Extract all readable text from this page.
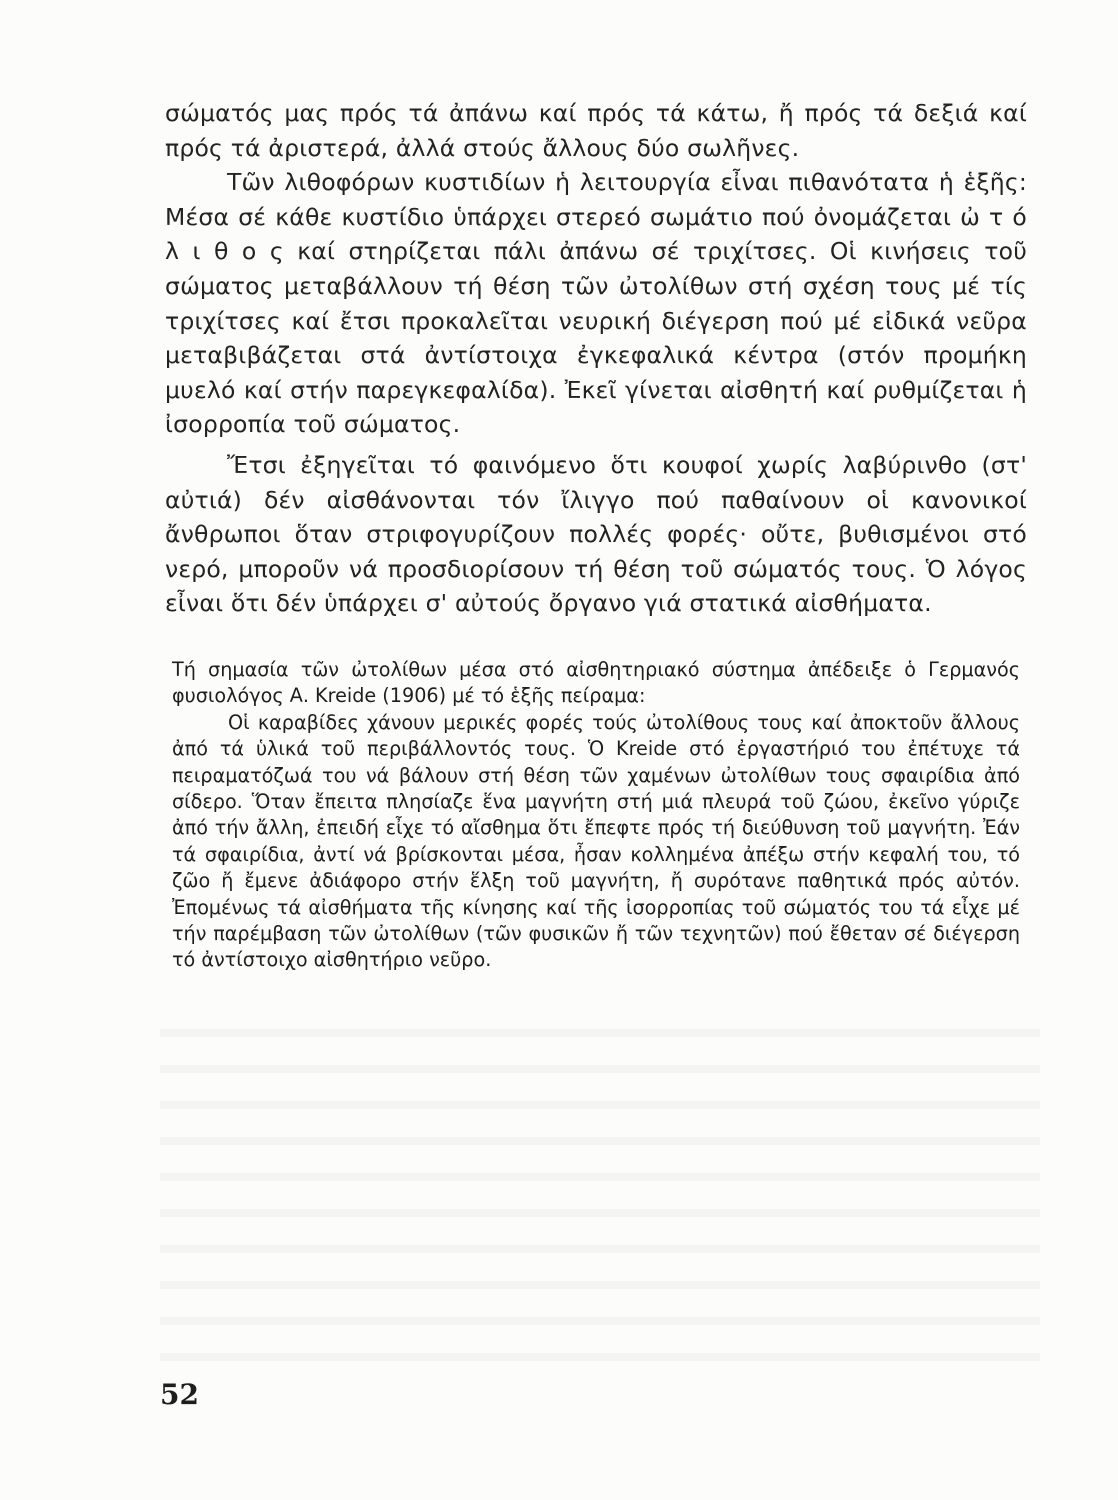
σώματός μας πρός τά ἀπάνω καί πρός τά κάτω, ἤ πρός τά δεξιά καί πρός τά ἀριστερά, ἀλλά στούς ἄλλους δύο σωλῆνες.

Τῶν λιθοφόρων κυστιδίων ἡ λειτουργία εἶναι πιθανότατα ἡ ἑξῆς: Μέσα σέ κάθε κυστίδιο ὑπάρχει στερεό σωμάτιο πού ὀνομάζεται ὠ τ ό λ ι θ ο ς καί στηρίζεται πάλι ἀπάνω σέ τριχίτσες. Οἱ κινήσεις τοῦ σώματος μεταβάλλουν τή θέση τῶν ὠτολίθων στή σχέση τους μέ τίς τριχίτσες καί ἔτσι προκαλεῖται νευρική διέγερση πού μέ εἰδικά νεῦρα μεταβιβάζεται στά ἀντίστοιχα ἐγκεφαλικά κέντρα (στόν προμήκη μυελό καί στήν παρεγκεφαλίδα). Ἐκεῖ γίνεται αἰσθητή καί ρυθμίζεται ἡ ἰσορροπία τοῦ σώματος.

Ἔτσι ἐξηγεῖται τό φαινόμενο ὅτι κουφοί χωρίς λαβύρινθο (στ' αὐτιά) δέν αἰσθάνονται τόν ἴλιγγο πού παθαίνουν οἱ κανονικοί ἄνθρωποι ὅταν στριφογυρίζουν πολλές φορές· οὔτε, βυθισμένοι στό νερό, μποροῦν νά προσδιορίσουν τή θέση τοῦ σώματός τους. Ὁ λόγος εἶναι ὅτι δέν ὑπάρχει σ' αὐτούς ὄργανο γιά στατικά αἰσθήματα.

Τή σημασία τῶν ὠτολίθων μέσα στό αἰσθητηριακό σύστημα ἀπέδειξε ὁ Γερμανός φυσιολόγος Α. Kreide (1906) μέ τό ἑξῆς πείραμα:

Οἱ καραβίδες χάνουν μερικές φορές τούς ὠτολίθους τους καί ἀποκτοῦν ἄλλους ἀπό τά ὑλικά τοῦ περιβάλλοντός τους. Ὁ Kreide στό ἐργαστήριό του ἐπέτυχε τά πειραματόζωά του νά βάλουν στή θέση τῶν χαμένων ὠτολίθων τους σφαιρίδια ἀπό σίδερο. Ὅταν ἔπειτα πλησίαζε ἕνα μαγνήτη στή μιά πλευρά τοῦ ζώου, ἐκεῖνο γύριζε ἀπό τήν ἄλλη, ἐπειδή εἶχε τό αἴσθημα ὅτι ἔπεφτε πρός τή διεύθυνση τοῦ μαγνήτη. Ἐάν τά σφαιρίδια, ἀντί νά βρίσκονται μέσα, ἦσαν κολλημένα ἀπέξω στήν κεφαλή του, τό ζῶο ἤ ἔμενε ἀδιάφορο στήν ἕλξη τοῦ μαγνήτη, ἤ συρότανε παθητικά πρός αὐτόν. Ἐπομένως τά αἰσθήματα τῆς κίνησης καί τῆς ἰσορροπίας τοῦ σώματός του τά εἶχε μέ τήν παρέμβαση τῶν ὠτολίθων (τῶν φυσικῶν ἤ τῶν τεχνητῶν) πού ἔθεταν σέ διέγερση τό ἀντίστοιχο αἰσθητήριο νεῦρο.

52
